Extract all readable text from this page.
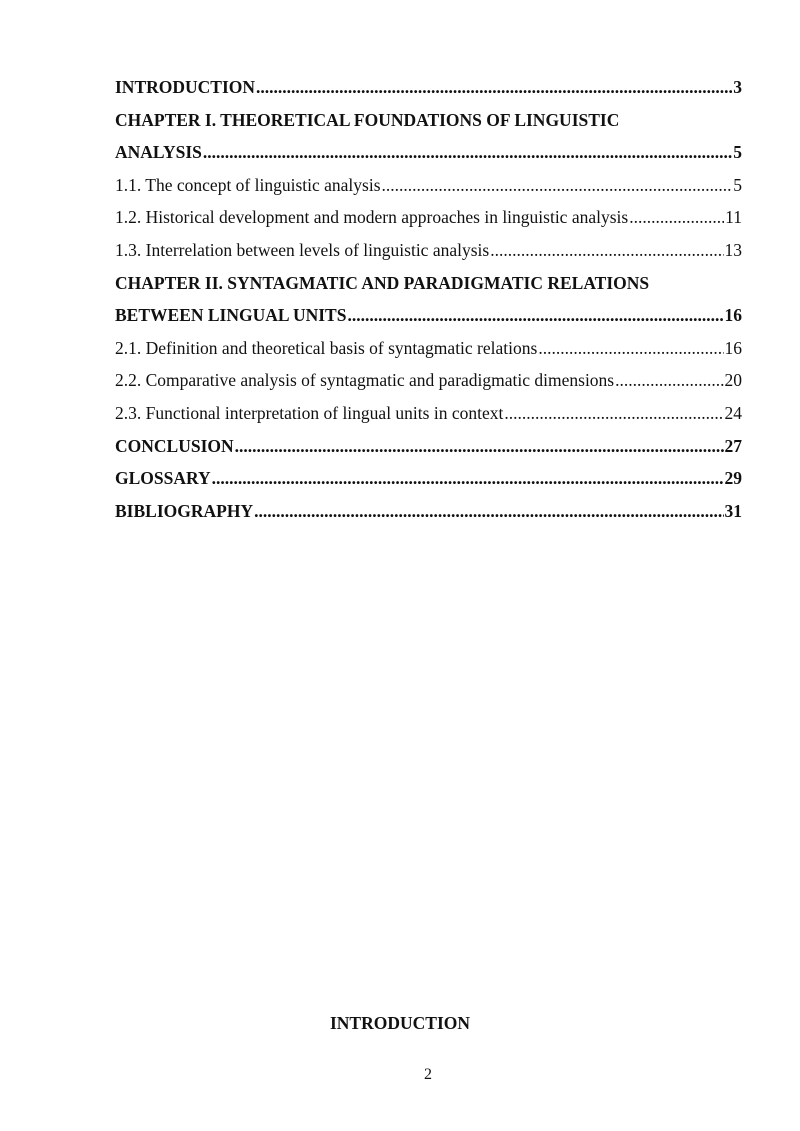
INTRODUCTION .....	3
CHAPTER I. THEORETICAL FOUNDATIONS OF LINGUISTIC
ANALYSIS .....	5
1.1. The concept of linguistic analysis .....	5
1.2. Historical development and modern approaches in linguistic analysis .....	11
1.3. Interrelation between levels of linguistic analysis .....	13
CHAPTER II. SYNTAGMATIC AND PARADIGMATIC RELATIONS
BETWEEN LINGUAL UNITS .....	16
2.1. Definition and theoretical basis of syntagmatic relations .....	16
2.2. Comparative analysis of syntagmatic and paradigmatic dimensions .....	20
2.3. Functional interpretation of lingual units in context .....	24
CONCLUSION .....	27
GLOSSARY .....	29
BIBLIOGRAPHY .....	31
INTRODUCTION
2
